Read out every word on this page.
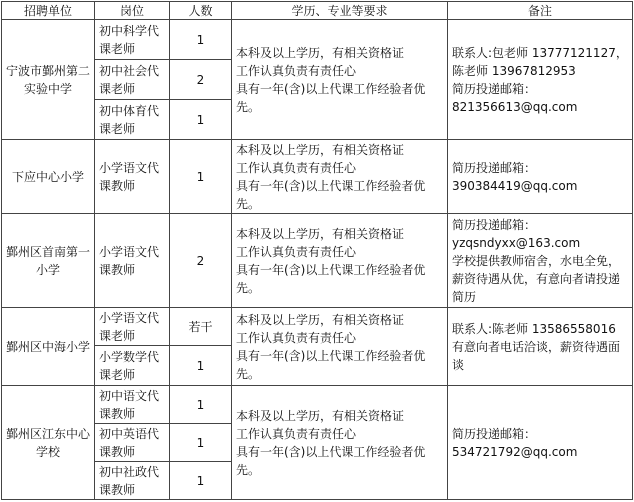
招聘单位	岗位	人数	学历、专业等要求	备注
宁波市鄞州第二实验中学	初中科学代课老师	1	本科及以上学历，有相关资格证
工作认真负责有责任心
具有一年(含)以上代课工作经验者优先。	联系人:包老师 13777121127，
陈老师 13967812953
简历投递邮箱：
821356613@qq.com

	初中社会代课老师	2		
	初中体育代课老师	1		
下应中心小学	小学语文代课教师	1	本科及以上学历，有相关资格证
工作认真负责有责任心
具有一年(含)以上代课工作经验者优先。	简历投递邮箱：
390384419@qq.com

鄞州区首南第一小学	小学语文代课教师	2	本科及以上学历，有相关资格证
工作认真负责有责任心
具有一年(含)以上代课工作经验者优先。	简历投递邮箱：
yzqsndyxx@163.com
学校提供教师宿舍，水电全免，薪资待遇从优，有意向者请投递简历

鄞州区中海小学	小学语文代课老师	若干	本科及以上学历，有相关资格证
工作认真负责有责任心
具有一年(含)以上代课工作经验者优先。	联系人:陈老师 13586558016
有意向者电话洽谈，薪资待遇面谈

	小学数学代课老师	1		
鄞州区江东中心学校	初中语文代课教师	1	本科及以上学历，有相关资格证
工作认真负责有责任心
具有一年(含)以上代课工作经验者优先。	简历投递邮箱：
534721792@qq.com

	初中英语代课教师	1		
	初中社政代课教师	1		
